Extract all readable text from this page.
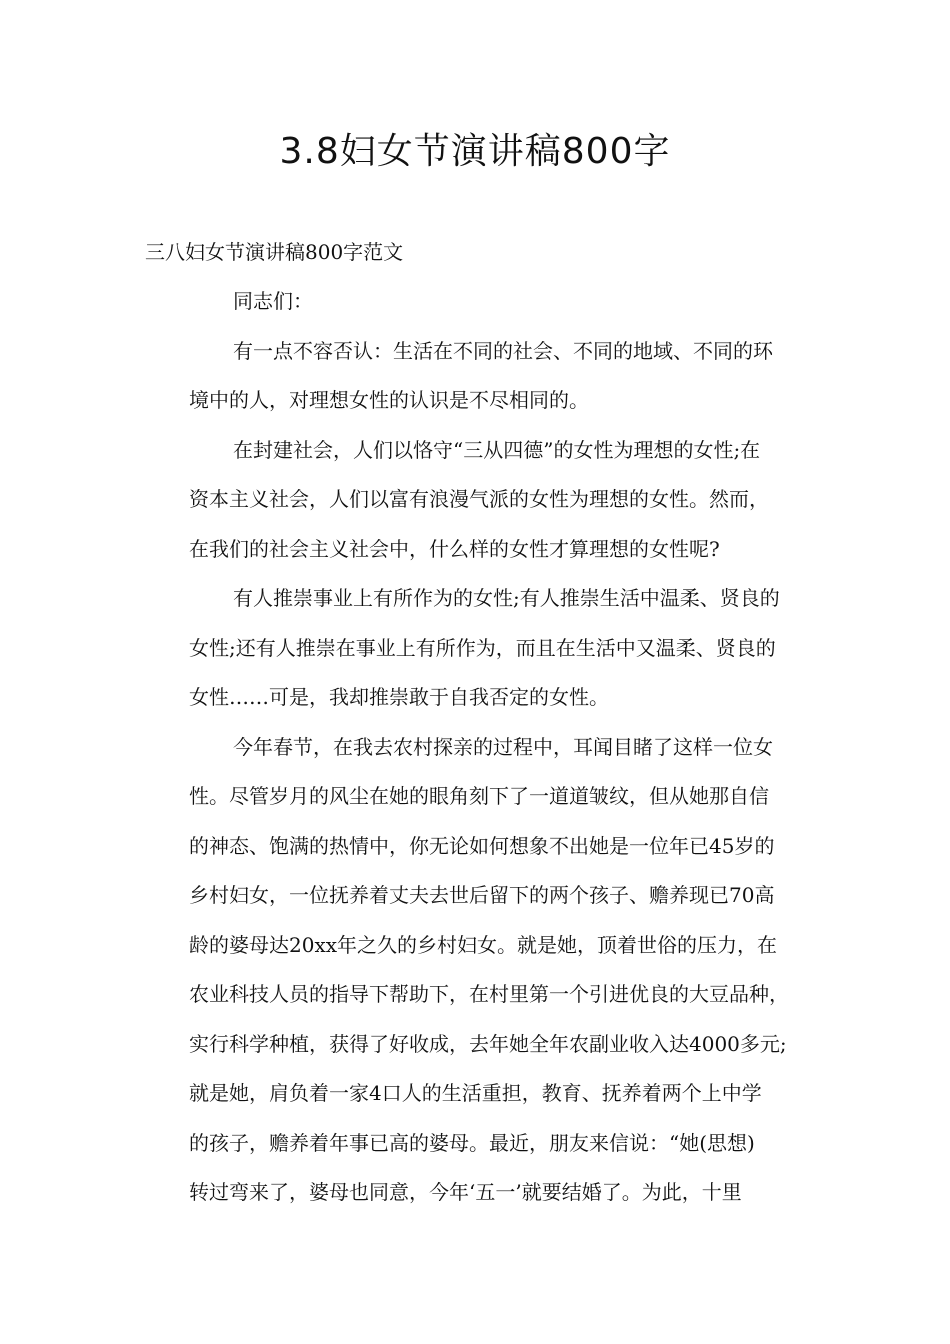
3.8妇女节演讲稿800字

三八妇女节演讲稿800字范文

同志们：

有一点不容否认：生活在不同的社会、不同的地域、不同的环
境中的人，对理想女性的认识是不尽相同的。

在封建社会，人们以恪守“三从四德”的女性为理想的女性;在
资本主义社会，人们以富有浪漫气派的女性为理想的女性。然而，
在我们的社会主义社会中，什么样的女性才算理想的女性呢?

有人推崇事业上有所作为的女性;有人推崇生活中温柔、贤良的
女性;还有人推崇在事业上有所作为，而且在生活中又温柔、贤良的
女性……可是，我却推崇敢于自我否定的女性。

今年春节，在我去农村探亲的过程中，耳闻目睹了这样一位女
性。尽管岁月的风尘在她的眼角刻下了一道道皱纹，但从她那自信
的神态、饱满的热情中，你无论如何想象不出她是一位年已45岁的
乡村妇女，一位抚养着丈夫去世后留下的两个孩子、赡养现已70高
龄的婆母达20xx年之久的乡村妇女。就是她，顶着世俗的压力，在
农业科技人员的指导下帮助下，在村里第一个引进优良的大豆品种，
实行科学种植，获得了好收成，去年她全年农副业收入达4000多元;
就是她，肩负着一家4口人的生活重担，教育、抚养着两个上中学
的孩子，赡养着年事已高的婆母。最近，朋友来信说：“她(思想)
转过弯来了，婆母也同意，今年‘五一’就要结婚了。为此，十里
